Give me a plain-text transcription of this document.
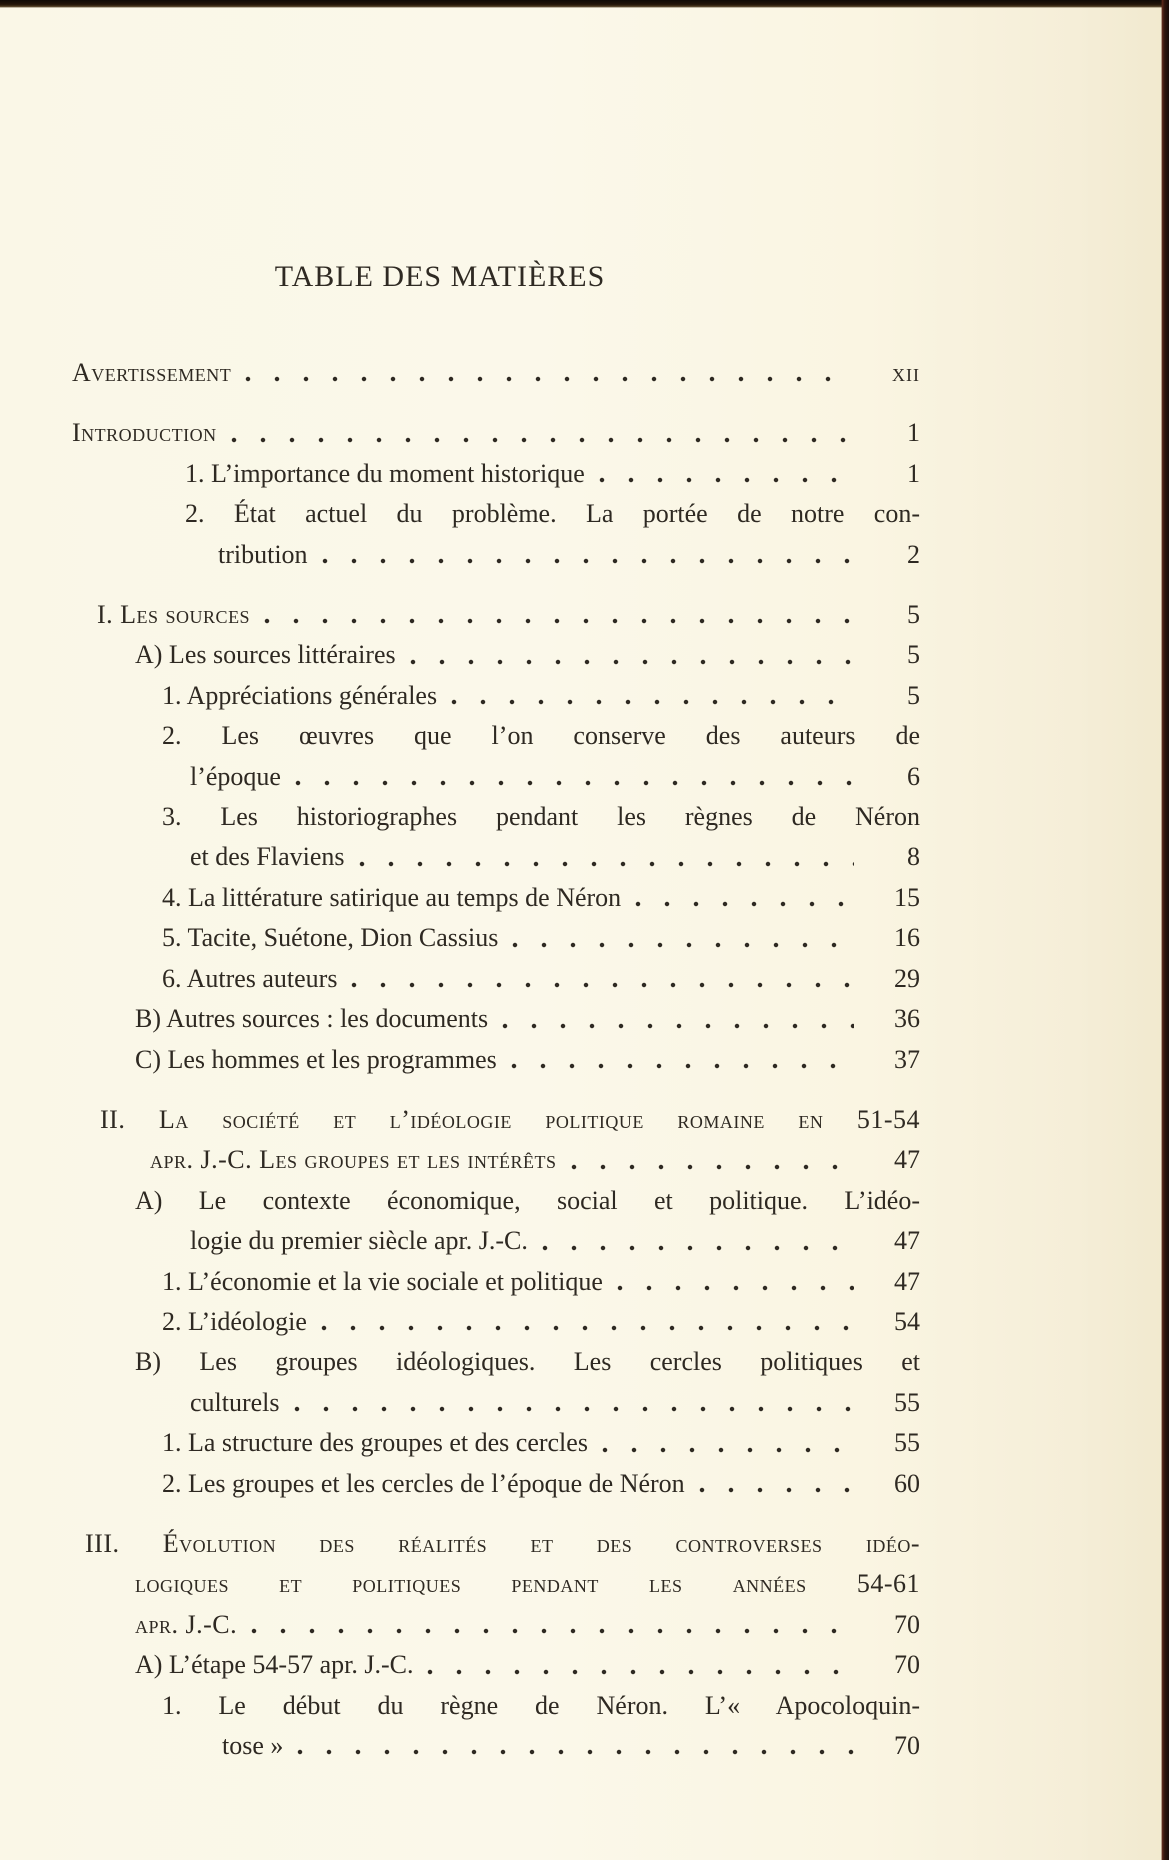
TABLE DES MATIÈRES
Avertissement	xii
Introduction	1
1. L’importance du moment historique	1
2. État actuel du problème. La portée de notre con-
tribution	2
I. Les sources	5
A) Les sources littéraires	5
1. Appréciations générales	5
2. Les œuvres que l’on conserve des auteurs de
l’époque	6
3. Les historiographes pendant les règnes de Néron
et des Flaviens	8
4. La littérature satirique au temps de Néron	15
5. Tacite, Suétone, Dion Cassius	16
6. Autres auteurs	29
B) Autres sources : les documents	36
C) Les hommes et les programmes	37
II. La société et l’idéologie politique romaine en 51-54
apr. J.-C. Les groupes et les intérêts	47
A) Le contexte économique, social et politique. L’idéo-
logie du premier siècle apr. J.-C.	47
1. L’économie et la vie sociale et politique	47
2. L’idéologie	54
B) Les groupes idéologiques. Les cercles politiques et
culturels	55
1. La structure des groupes et des cercles	55
2. Les groupes et les cercles de l’époque de Néron	60
III. Évolution des réalités et des controverses idéo-
logiques et politiques pendant les années 54-61
apr. J.-C.	70
A) L’étape 54-57 apr. J.-C.	70
1. Le début du règne de Néron. L’« Apocoloquin-
tose »	70
